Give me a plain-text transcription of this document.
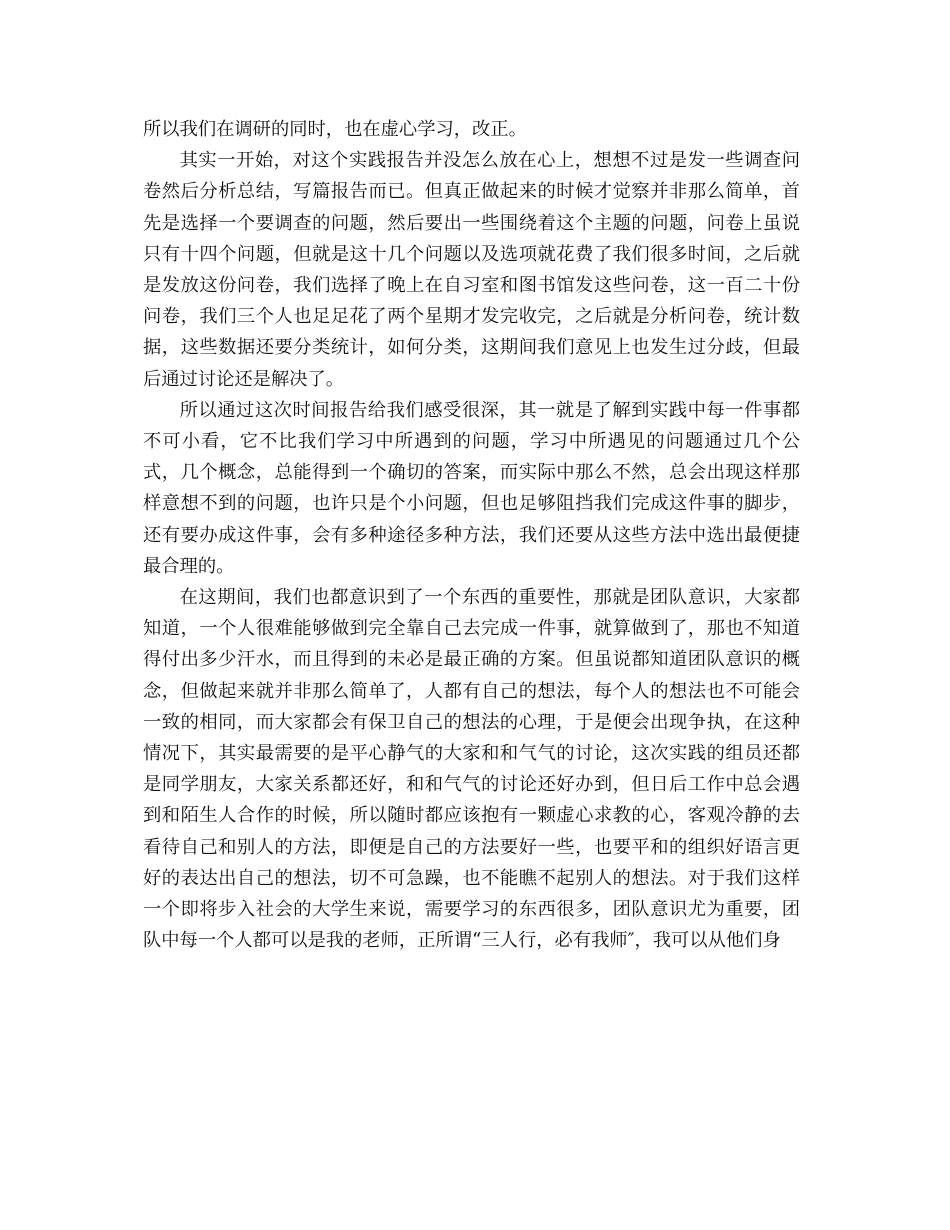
所以我们在调研的同时，也在虚心学习，改正。

其实一开始，对这个实践报告并没怎么放在心上，想想不过是发一些调查问卷然后分析总结，写篇报告而已。但真正做起来的时候才觉察并非那么简单，首先是选择一个要调查的问题，然后要出一些围绕着这个主题的问题，问卷上虽说只有十四个问题，但就是这十几个问题以及选项就花费了我们很多时间，之后就是发放这份问卷，我们选择了晚上在自习室和图书馆发这些问卷，这一百二十份问卷，我们三个人也足足花了两个星期才发完收完，之后就是分析问卷，统计数据，这些数据还要分类统计，如何分类，这期间我们意见上也发生过分歧，但最后通过讨论还是解决了。

所以通过这次时间报告给我们感受很深，其一就是了解到实践中每一件事都不可小看，它不比我们学习中所遇到的问题，学习中所遇见的问题通过几个公式，几个概念，总能得到一个确切的答案，而实际中那么不然，总会出现这样那样意想不到的问题，也许只是个小问题，但也足够阻挡我们完成这件事的脚步，还有要办成这件事，会有多种途径多种方法，我们还要从这些方法中选出最便捷最合理的。

在这期间，我们也都意识到了一个东西的重要性，那就是团队意识，大家都知道，一个人很难能够做到完全靠自己去完成一件事，就算做到了，那也不知道得付出多少汗水，而且得到的未必是最正确的方案。但虽说都知道团队意识的概念，但做起来就并非那么简单了，人都有自己的想法，每个人的想法也不可能会一致的相同，而大家都会有保卫自己的想法的心理，于是便会出现争执，在这种情况下，其实最需要的是平心静气的大家和和气气的讨论，这次实践的组员还都是同学朋友，大家关系都还好，和和气气的讨论还好办到，但日后工作中总会遇到和陌生人合作的时候，所以随时都应该抱有一颗虚心求教的心，客观冷静的去看待自己和别人的方法，即便是自己的方法要好一些，也要平和的组织好语言更好的表达出自己的想法，切不可急躁，也不能瞧不起别人的想法。对于我们这样一个即将步入社会的大学生来说，需要学习的东西很多，团队意识尤为重要，团队中每一个人都可以是我的老师，正所谓“三人行，必有我师″，我可以从他们身
